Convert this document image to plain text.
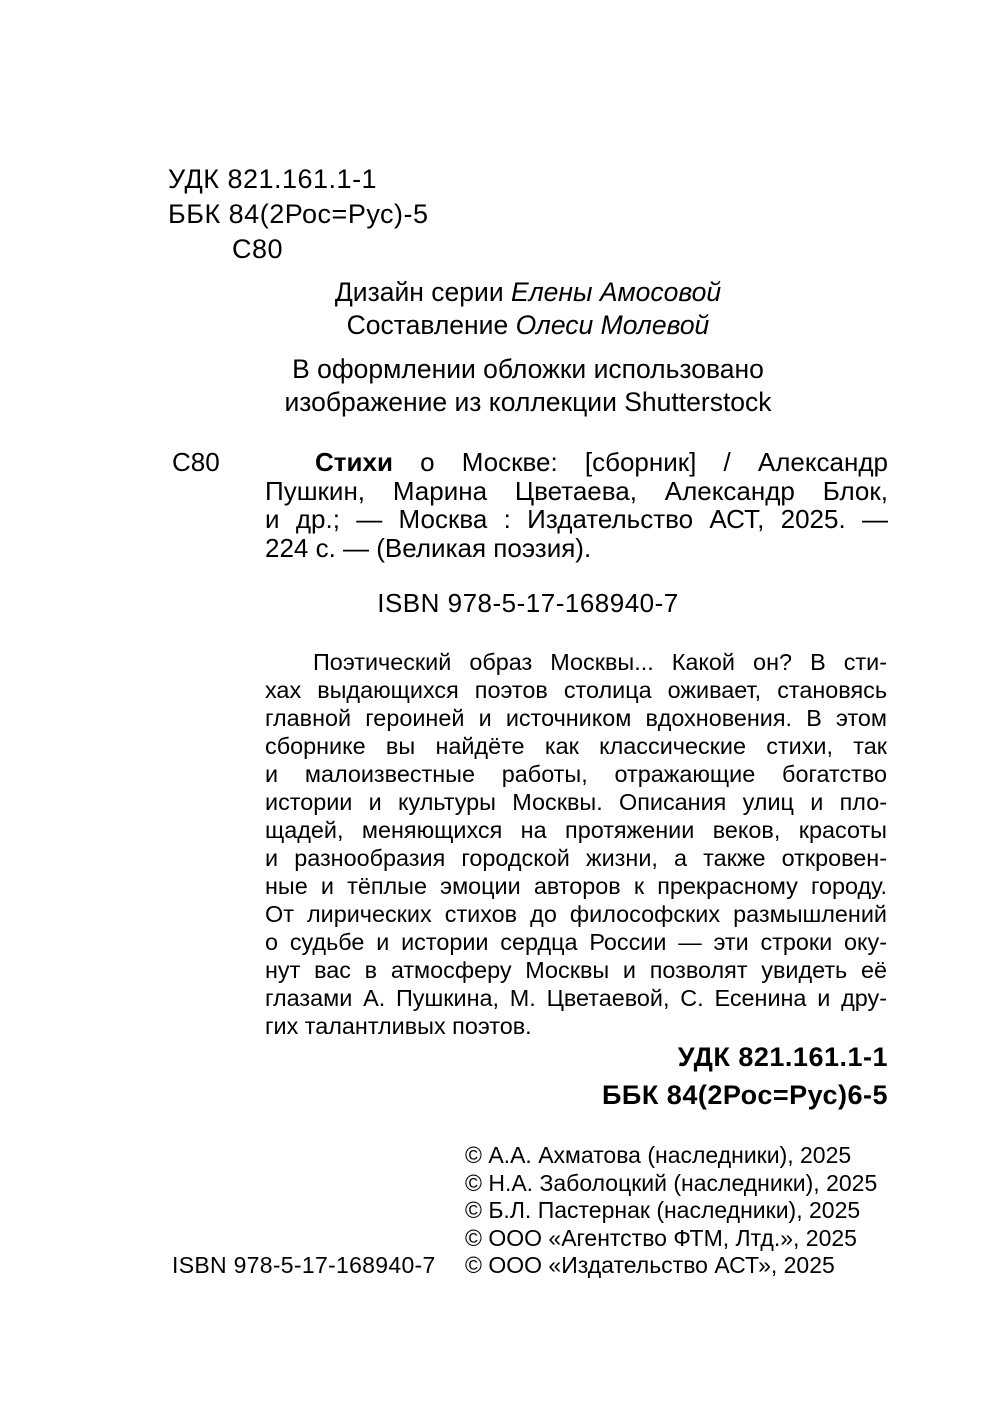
УДК 821.161.1-1
ББК 84(2Рос=Рус)-5
С80
Дизайн серии Елены Амосовой
Составление Олеси Молевой
В оформлении обложки использовано
изображение из коллекции Shutterstock
С80	Стихи о Москве: [сборник] / Александр
Пушкин, Марина Цветаева, Александр Блок,
и др.; — Москва : Издательство АСТ, 2025. —
224 с. — (Великая поэзия).
ISBN 978-5-17-168940-7
Поэтический образ Москвы... Какой он? В сти-
хах выдающихся поэтов столица оживает, становясь
главной героиней и источником вдохновения. В этом
сборнике вы найдёте как классические стихи, так
и малоизвестные работы, отражающие богатство
истории и культуры Москвы. Описания улиц и пло-
щадей, меняющихся на протяжении веков, красоты
и разнообразия городской жизни, а также откровен-
ные и тёплые эмоции авторов к прекрасному городу.
От лирических стихов до философских размышлений
о судьбе и истории сердца России — эти строки оку-
нут вас в атмосферу Москвы и позволят увидеть её
глазами А. Пушкина, М. Цветаевой, С. Есенина и дру-
гих талантливых поэтов.
УДК 821.161.1-1
ББК 84(2Рос=Рус)6-5
© А.А. Ахматова (наследники), 2025
© Н.А. Заболоцкий (наследники), 2025
© Б.Л. Пастернак (наследники), 2025
© ООО «Агентство ФТМ, Лтд.», 2025
© ООО «Издательство АСТ», 2025
ISBN 978-5-17-168940-7
